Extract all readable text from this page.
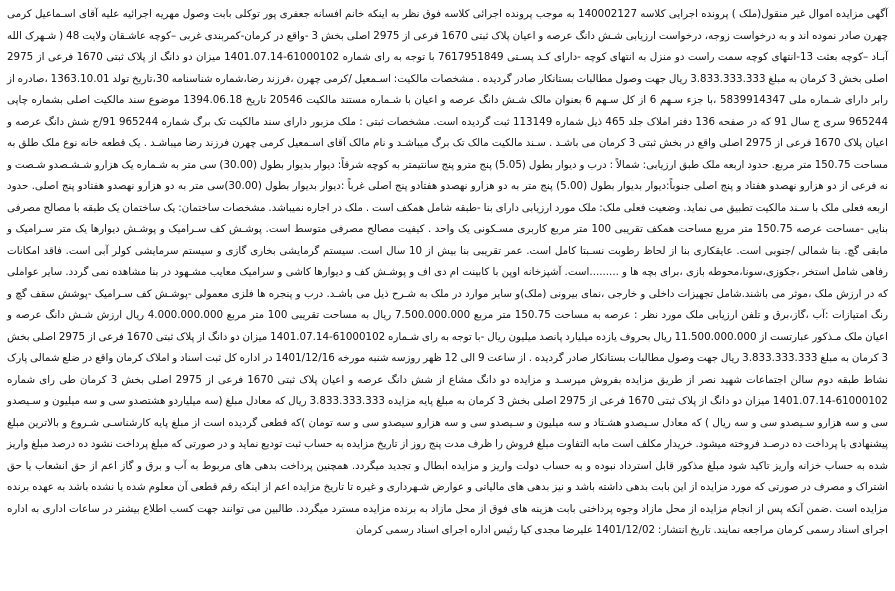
آگهی مزایده اموال غیر منقول(ملک ) پرونده اجرایی کلاسه 140002127 به موجب پرونده اجرائی کلاسه فوق نظر به اینکه خانم افسانه جعفری پور توکلی بابت وصول مهریه اجرائیه علیه آقای اسـماعیل کرمی چهرن صادر نموده اند و به درخواست زوجه، درخواست ارزیابی شـش دانگ عرصه و اعیان پلاک ثبتی 1670 فرعی از 2975 اصلی بخش 3 -واقع در کرمان-کمربندی غربی –کوچه عاشـقان ولایت 48 ( شـهرک الله آبـاد –کوچه بعثت 13-انتهای کوچه سمت راست دو منزل به انتهای کوچه -دارای کـد پسـتی 7617951849 با توجه به رای شماره 61000102-1401.07.14 میزان دو دانگ از پلاک ثبتی 1670 فرعی از 2975 اصلی بخش 3 کرمان به مبلغ 3.833.333.333 ریال جهت وصول مطالبات بستانکار صادر گردیده . مشخصات مالکیت: اسـمعیل /کرمی چهرن ،فرزند رضا،شماره شناسنامه 30،تاریخ تولد 1363.10.01 ،صادره از رابر دارای شـماره ملی 5839914347 ،با جزء سـهم 6 از کل سـهم 6 بعنوان مالک شـش دانگ عرصه و اعیان با شـماره مستند مالکیت 20546 تاریخ 1394.06.18 موضوع سند مالکیت اصلی بشماره چاپی 965244 سری ج سال 91 که در صفحه 136 دفتر املاک جلد 465 ذیل شماره 113149 ثبت گردیده است. مشخصات ثبتی : ملک مزبور دارای سند مالکیت تک برگ شماره 965244 91/ج شش دانگ عرصه و اعیان پلاک 1670 فرعی از 2975 اصلی واقع در بخش ثبتی 3 کرمان می باشـد . سـند مالکیت مالک تک برگ میباشـد و نام مالک آقای اسـمعیل کرمی چهرن فرزند رضا میباشـد . یک قطعه خانه نوع ملک طلق به مساحت 150.75 متر مربع. حدود اربعه ملک طبق ارزیابی: شمالاً : درب و دیوار بطول (5.05) پنج مترو پنج سانتیمتر به کوچه شرقاً: دیوار بدیوار بطول (30.00) سی متر به شـماره یک هزارو شـشـصدو شـصت و نه فرعی از دو هزارو نهصدو هفتاد و پنج اصلی جنوباً:دیوار بدیوار بطول (5.00) پنج متر به دو هزارو نهصدو هفتادو پنج اصلی غرباً :دیوار بدیوار بطول (30.00)سی متر به دو هزارو نهصدو هفتادو پنج اصلی. حدود اربعه فعلی ملک با سـند مالکیت تطبیق می نماید. وضعیت فعلی ملک: ملک مورد ارزیابی دارای بنا -طبقه شامل همکف است . ملک در اجاره نمیباشد. مشخصات ساختمان: یک ساختمان یک طبقه با مصالح مصرفی بنایی -مساحت عرصه 150.75 متر مربع مساحت همکف تقریبی 100 متر مربع کاربری مسـکونی یک واحد . کیفیت مصالح مصرفی متوسط است. پوشـش کف سـرامیک و پوشـش دیوارها یک متر سـرامیک و مابقی گچ. بنا شمالی /جنوبی است. عایقکاری بنا از لحاظ رطوبت نسـبتا کامل است. عمر تقریبی بنا بیش از 10 سال است. سیستم گرمایشی بخاری گازی و سیستم سرمایشی کولر آبی است. فاقد امکانات رفاهی شامل استخر ،جکوزی،سونا،محوطه بازی ،برای بچه ها و .........است. آشپزخانه اوپن با کابینت ام دی اف و پوشـش کف و دیوارها کاشی و سرامیک معایب مشـهود در بنا مشاهده نمی گردد. سایر عواملی که در ارزش ملک ،موثر می باشند.شامل تجهیزات داخلی و خارجی ،نمای بیرونی (ملک)و سایر موارد در ملک به شـرح ذیل می باشـد. درب و پنجره ها فلزی معمولی -پوشـش کف سـرامیک -پوشش سقف گچ و رنگ امتیازات :آب ،گاز،برق و تلفن ارزیابی ملک مورد نظر : عرصه به مساحت 150.75 متر مربع 7.500.000.000 ریال به مساحت تقریبی 100 متر مربع 4.000.000.000 ریال ارزش شـش دانگ عرصه و اعیان ملک مـذکور عبارتست از 11.500.000.000 ریال بحروف یازده میلیارد پانصد میلیون ریال -با توجه به رای شـماره 61000102-1401.07.14 میزان دو دانگ از پلاک ثبتی 1670 فرعی از 2975 اصلی بخش 3 کرمان به مبلغ 3.833.333.333 ریال جهت وصول مطالبات بستانکار صادر گردیده . از ساعت 9 الی 12 ظهر روزسه شنبه مورخه 1401/12/16 در اداره کل ثبت اسناد و املاک کرمان واقع در ضلع شمالی پارک نشاط طبقه دوم سالن اجتماعات شهید نصر از طریق مزایده بفروش میرسـد و مزایده دو دانگ مشاع از شش دانگ عرصه و اعیان پلاک ثبتی 1670 فرعی از 2975 اصلی بخش 3 کرمان طی رای شماره 61000102-1401.07.14 میزان دو دانگ از پلاک ثبتی 1670 فرعی از 2975 اصلی بخش 3 کرمان به مبلغ پایه مزایده 3.833.333.333 ریال که معادل مبلغ (سه میلیاردو هشتصدو سی و سه میلیون و سـیصدو سی و سه هزارو سـیصدو سی و سه ریال ) که معادل سـیصدو هشـتاد و سه میلیون و سـیصدو سی و سه هزارو سیصدو سی و سه تومان )که قطعی گردیده است از مبلغ پایه کارشناسـی شـروع و بالاترین مبلغ پیشنهادی با پرداخت ده درصـد فروخته میشود. خریدار مکلف است مابه التفاوت مبلغ فروش را ظرف مدت پنج روز از تاریخ مزایده به حساب ثبت تودیع نماید و در صورتی که مبلغ پرداخت نشود ده درصد مبلغ واریز شده به حساب خزانه واریز تاکید شود مبلغ مذکور قابل استرداد نبوده و به حساب دولت واریز و مزایده ابطال و تجدید میگردد. همچنین پرداخت بدهی های مربوط به آب و برق و گاز اعم از حق انشعاب یا حق اشتراک و مصرف در صورتی که مورد مزایده از این بابت بدهی داشته باشد و نیز بدهی های مالیاتی و عوارض شـهرداری و غیره تا تاریخ مزایده اعم از اینکه رقم قطعی آن معلوم شده یا نشده باشد به عهده برنده مزایده است .ضمن آنکه پس از انجام مزایده از محل مازاد وجوه پرداختی بابت هزینه های فوق از محل مازاد به برنده مزایده مسترد میگردد. طالبین می توانند جهت کسب اطلاع بیشتر در ساعات اداری به اداره اجرای اسناد رسمی کرمان مراجعه نمایند. تاریخ انتشار: 1401/12/02 علیرضا مجدی کیا رئیس اداره اجرای اسناد رسمی کرمان
